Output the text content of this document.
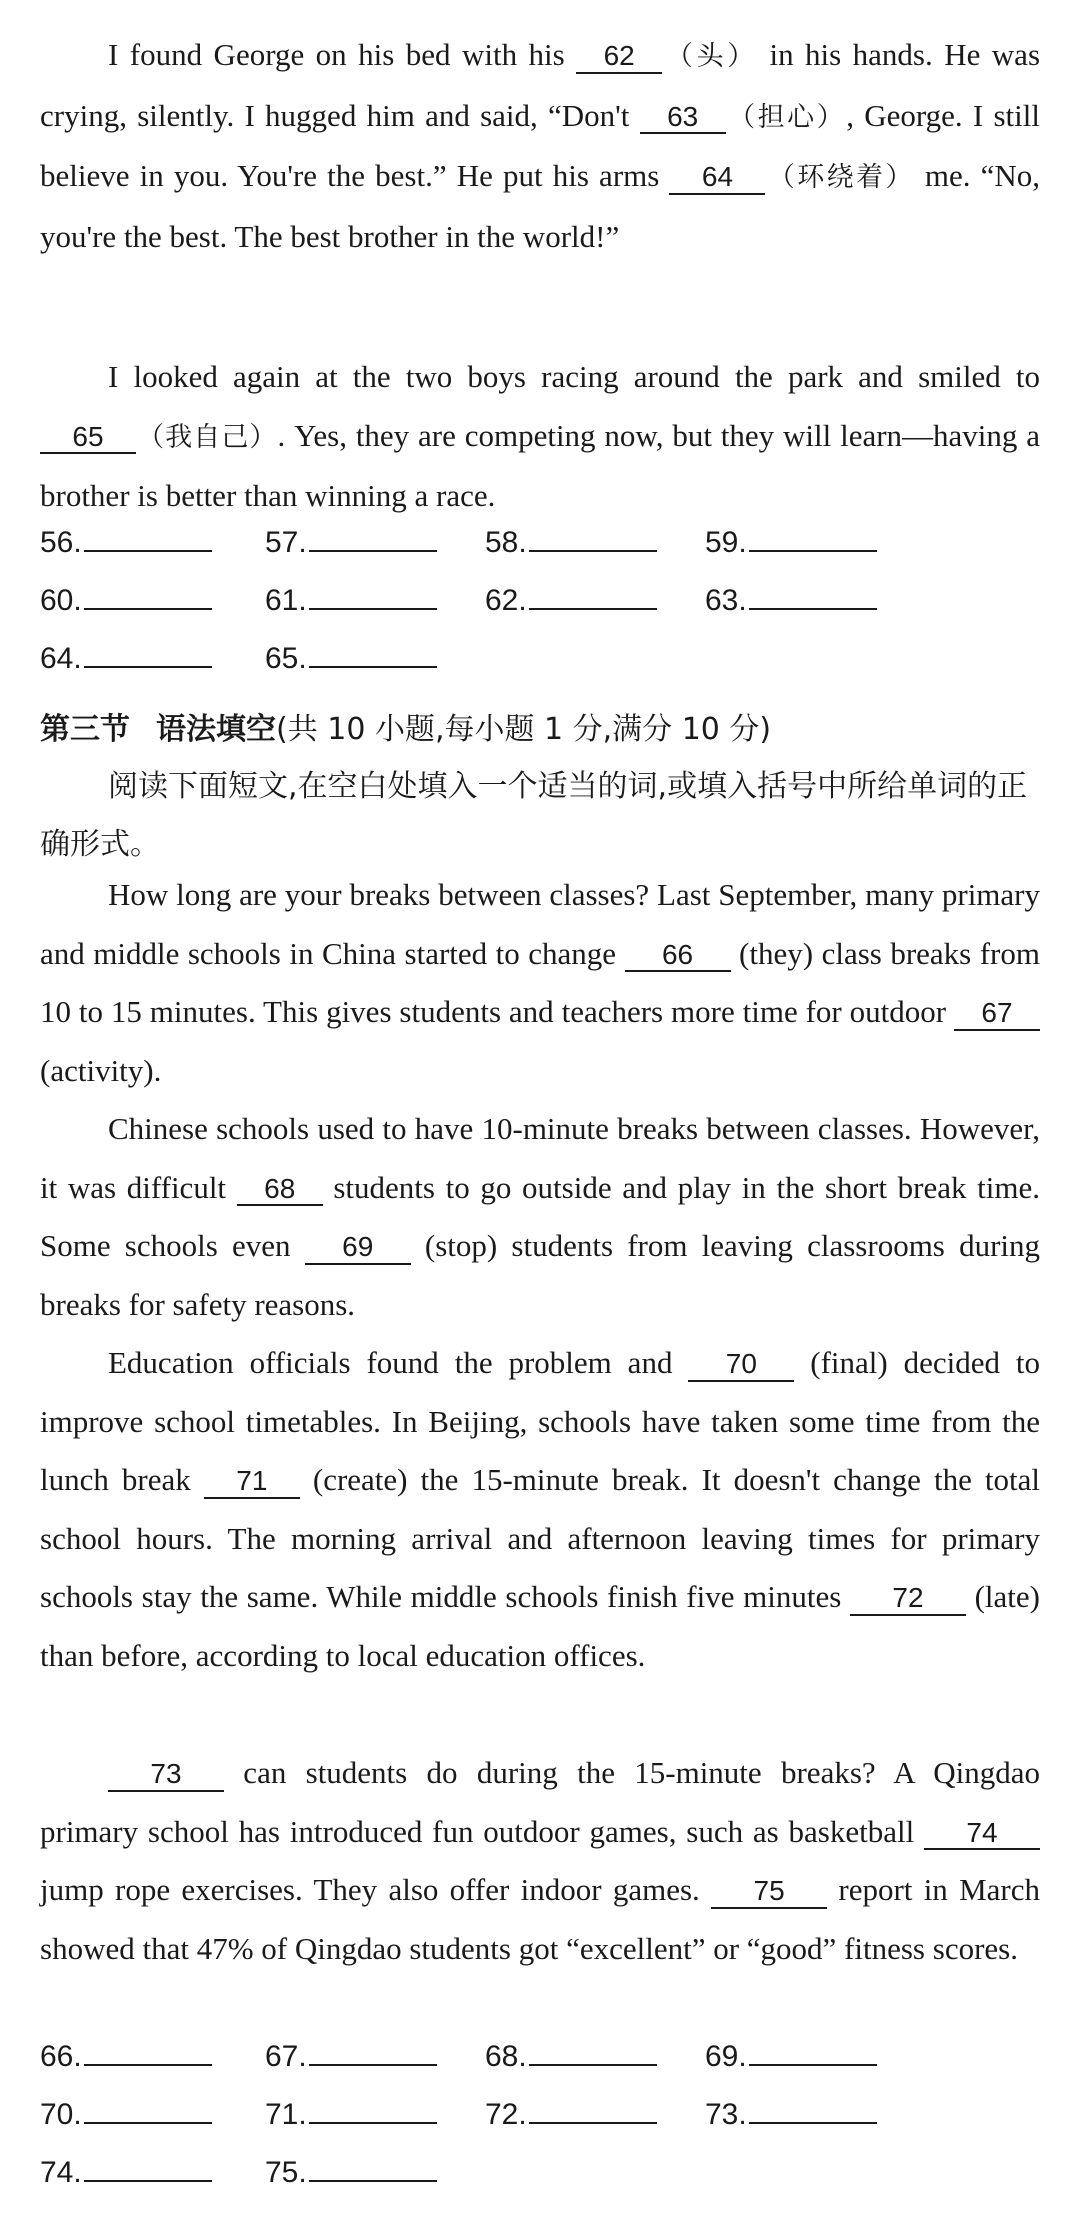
I found George on his bed with his 62 （头） in his hands. He was crying, silently. I hugged him and said, “Don't 63 （担心）, George. I still believe in you. You're the best.” He put his arms 64 （环绕着） me. “No, you're the best. The best brother in the world!”

I looked again at the two boys racing around the park and smiled to 65 （我自己）. Yes, they are competing now, but they will learn—having a brother is better than winning a race.

56.	57.	58.	59.
60.	61.	62.	63.
64.	65.
第三节 语法填空(共 10 小题,每小题 1 分,满分 10 分)

阅读下面短文,在空白处填入一个适当的词,或填入括号中所给单词的正确形式。

How long are your breaks between classes? Last September, many primary and middle schools in China started to change 66 (they) class breaks from 10 to 15 minutes. This gives students and teachers more time for outdoor 67 (activity).

Chinese schools used to have 10-minute breaks between classes. However, it was difficult 68 students to go outside and play in the short break time. Some schools even 69 (stop) students from leaving classrooms during breaks for safety reasons.

Education officials found the problem and 70 (final) decided to improve school timetables. In Beijing, schools have taken some time from the lunch break 71 (create) the 15-minute break. It doesn't change the total school hours. The morning arrival and afternoon leaving times for primary schools stay the same. While middle schools finish five minutes 72 (late) than before, according to local education offices.

73 can students do during the 15-minute breaks? A Qingdao primary school has introduced fun outdoor games, such as basketball 74 jump rope exercises. They also offer indoor games. 75 report in March showed that 47% of Qingdao students got “excellent” or “good” fitness scores.

66.	67.	68.	69.
70.	71.	72.	73.
74.	75.
